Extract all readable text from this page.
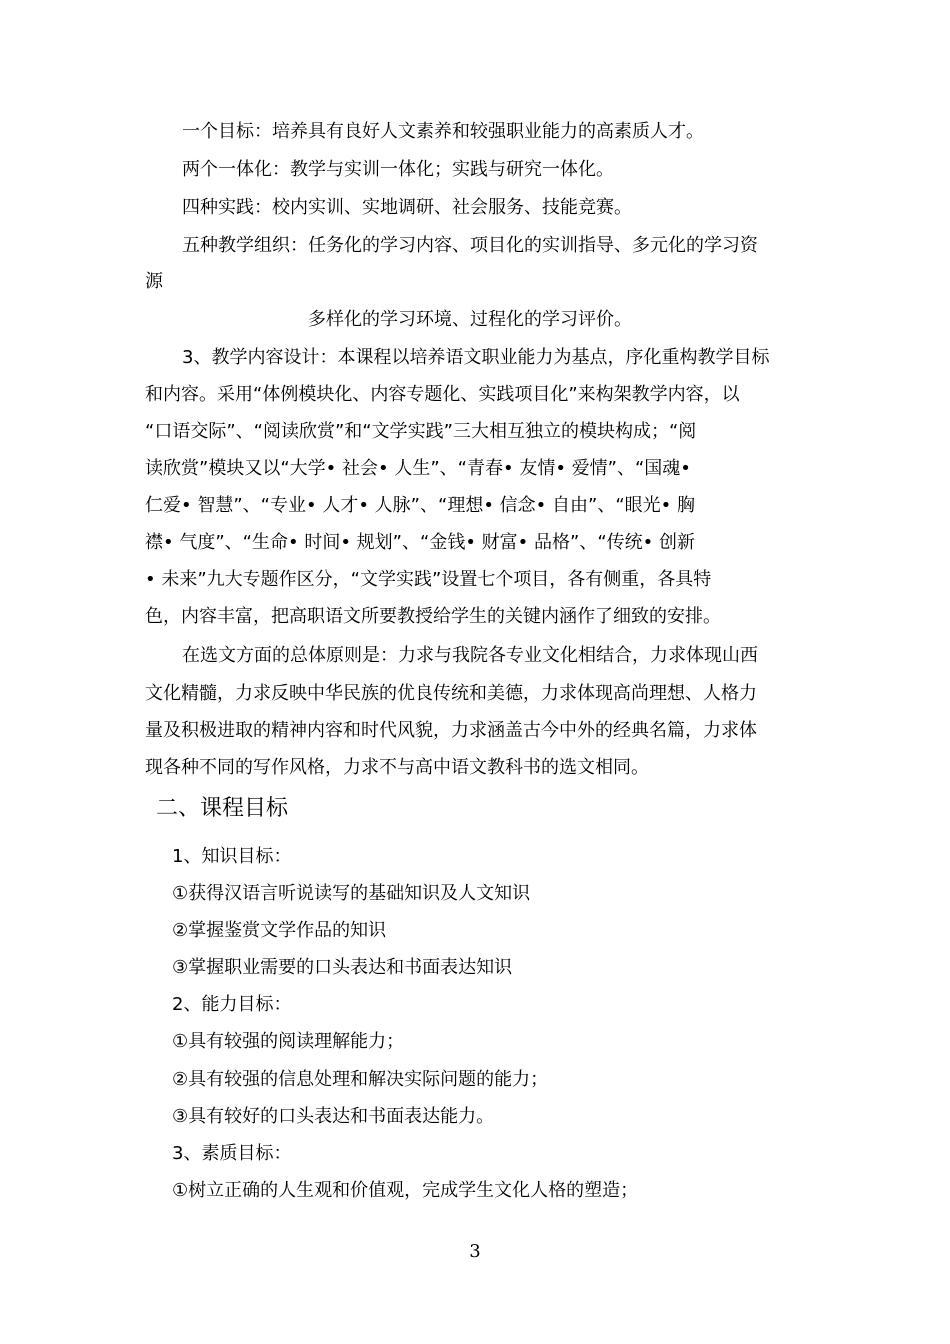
一个目标：培养具有良好人文素养和较强职业能力的高素质人才。
两个一体化：教学与实训一体化；实践与研究一体化。
四种实践：校内实训、实地调研、社会服务、技能竞赛。
五种教学组织：任务化的学习内容、项目化的实训指导、多元化的学习资
源
多样化的学习环境、过程化的学习评价。
3、教学内容设计：本课程以培养语文职业能力为基点，序化重构教学目标
和内容。采用“体例模块化、内容专题化、实践项目化”来构架教学内容，以
“口语交际”、“阅读欣赏”和“文学实践”三大相互独立的模块构成；“阅
读欣赏”模块又以“大学• 社会• 人生”、“青春• 友情• 爱情”、“国魂•
仁爱• 智慧”、“专业• 人才• 人脉”、“理想• 信念• 自由”、“眼光• 胸
襟• 气度”、“生命• 时间• 规划”、“金钱• 财富• 品格”、“传统• 创新
• 未来”九大专题作区分，“文学实践”设置七个项目，各有侧重，各具特
色，内容丰富，把高职语文所要教授给学生的关键内涵作了细致的安排。
在选文方面的总体原则是：力求与我院各专业文化相结合，力求体现山西
文化精髓，力求反映中华民族的优良传统和美德，力求体现高尚理想、人格力
量及积极进取的精神内容和时代风貌，力求涵盖古今中外的经典名篇，力求体
现各种不同的写作风格，力求不与高中语文教科书的选文相同。
二、课程目标
1、知识目标：
①获得汉语言听说读写的基础知识及人文知识
②掌握鉴赏文学作品的知识
③掌握职业需要的口头表达和书面表达知识
2、能力目标：
①具有较强的阅读理解能力；
②具有较强的信息处理和解决实际问题的能力；
③具有较好的口头表达和书面表达能力。
3、素质目标：
①树立正确的人生观和价值观，完成学生文化人格的塑造；
3
